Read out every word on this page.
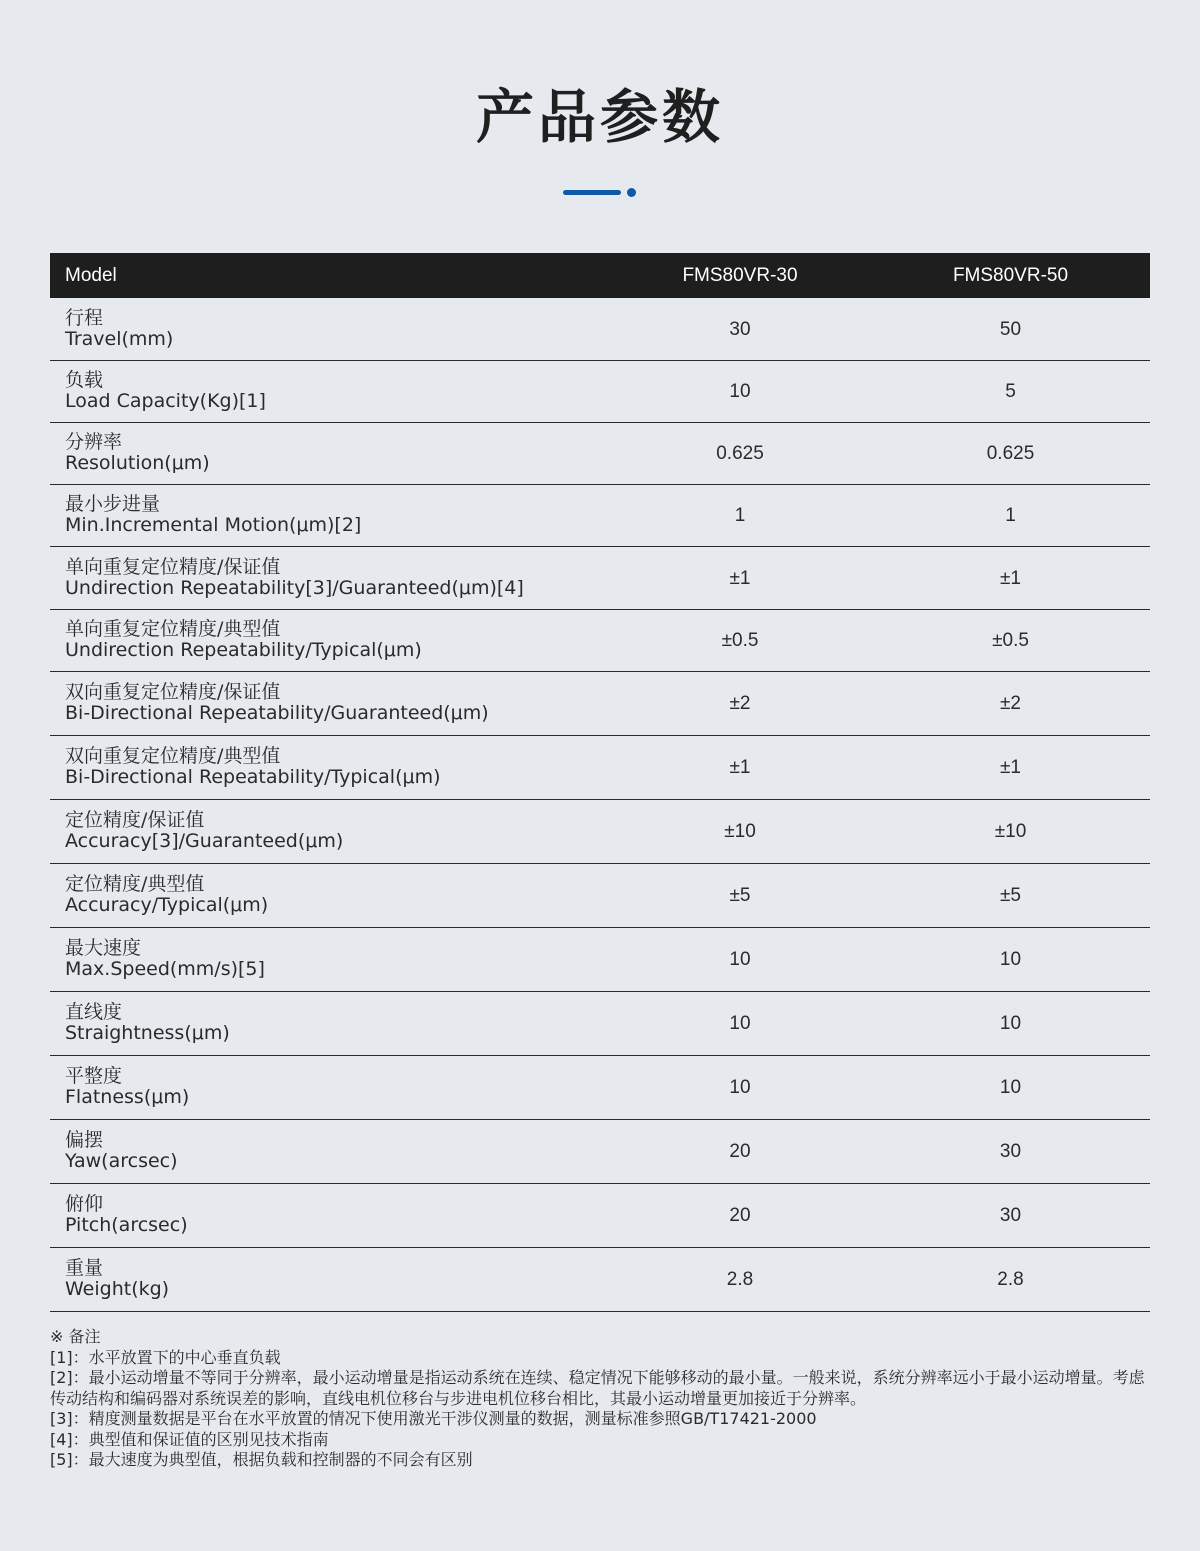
产品参数
Model	FMS80VR-30	FMS80VR-50

行程
Travel(mm)	30	50

负载
Load Capacity(Kg)[1]	10	5

分辨率
Resolution(μm)	0.625	0.625

最小步进量
Min.Incremental Motion(μm)[2]	1	1

单向重复定位精度/保证值
Undirection Repeatability[3]/Guaranteed(μm)[4]	±1	±1

单向重复定位精度/典型值
Undirection Repeatability/Typical(μm)	±0.5	±0.5

双向重复定位精度/保证值
Bi-Directional Repeatability/Guaranteed(μm)	±2	±2

双向重复定位精度/典型值
Bi-Directional Repeatability/Typical(μm)	±1	±1

定位精度/保证值
Accuracy[3]/Guaranteed(μm)	±10	±10

定位精度/典型值
Accuracy/Typical(μm)	±5	±5

最大速度
Max.Speed(mm/s)[5]	10	10

直线度
Straightness(μm)	10	10

平整度
Flatness(μm)	10	10

偏摆
Yaw(arcsec)	20	30

俯仰
Pitch(arcsec)	20	30

重量
Weight(kg)	2.8	2.8
※ 备注
[1]：水平放置下的中心垂直负载
[2]：最小运动增量不等同于分辨率，最小运动增量是指运动系统在连续、稳定情况下能够移动的最小量。一般来说，系统分辨率远小于最小运动增量。考虑传动结构和编码器对系统误差的影响，直线电机位移台与步进电机位移台相比，其最小运动增量更加接近于分辨率。
[3]：精度测量数据是平台在水平放置的情况下使用激光干涉仪测量的数据，测量标准参照GB/T17421-2000
[4]：典型值和保证值的区别见技术指南
[5]：最大速度为典型值，根据负载和控制器的不同会有区别
